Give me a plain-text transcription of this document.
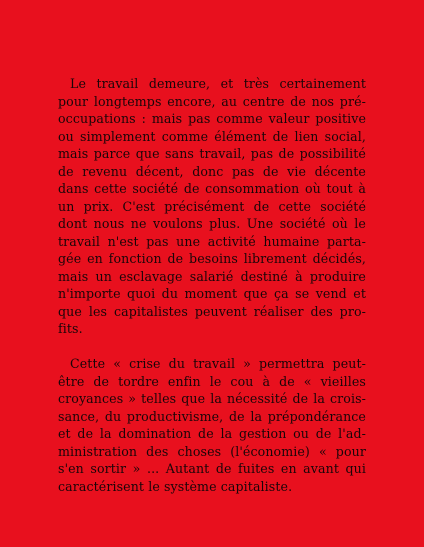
Le travail demeure, et très certainement
pour longtemps encore, au centre de nos pré-
occupations : mais pas comme valeur positive
ou simplement comme élément de lien social,
mais parce que sans travail, pas de possibilité
de revenu décent, donc pas de vie décente
dans cette société de consommation où tout à
un prix. C'est précisément de cette société
dont nous ne voulons plus. Une société où le
travail n'est pas une activité humaine parta-
gée en fonction de besoins librement décidés,
mais un esclavage salarié destiné à produire
n'importe quoi du moment que ça se vend et
que les capitalistes peuvent réaliser des pro-
fits.

Cette « crise du travail » permettra peut-
être de tordre enfin le cou à de « vieilles
croyances » telles que la nécessité de la crois-
sance, du productivisme, de la prépondérance
et de la domination de la gestion ou de l'ad-
ministration des choses (l'économie) « pour
s'en sortir » ... Autant de fuites en avant qui
caractérisent le système capitaliste.
